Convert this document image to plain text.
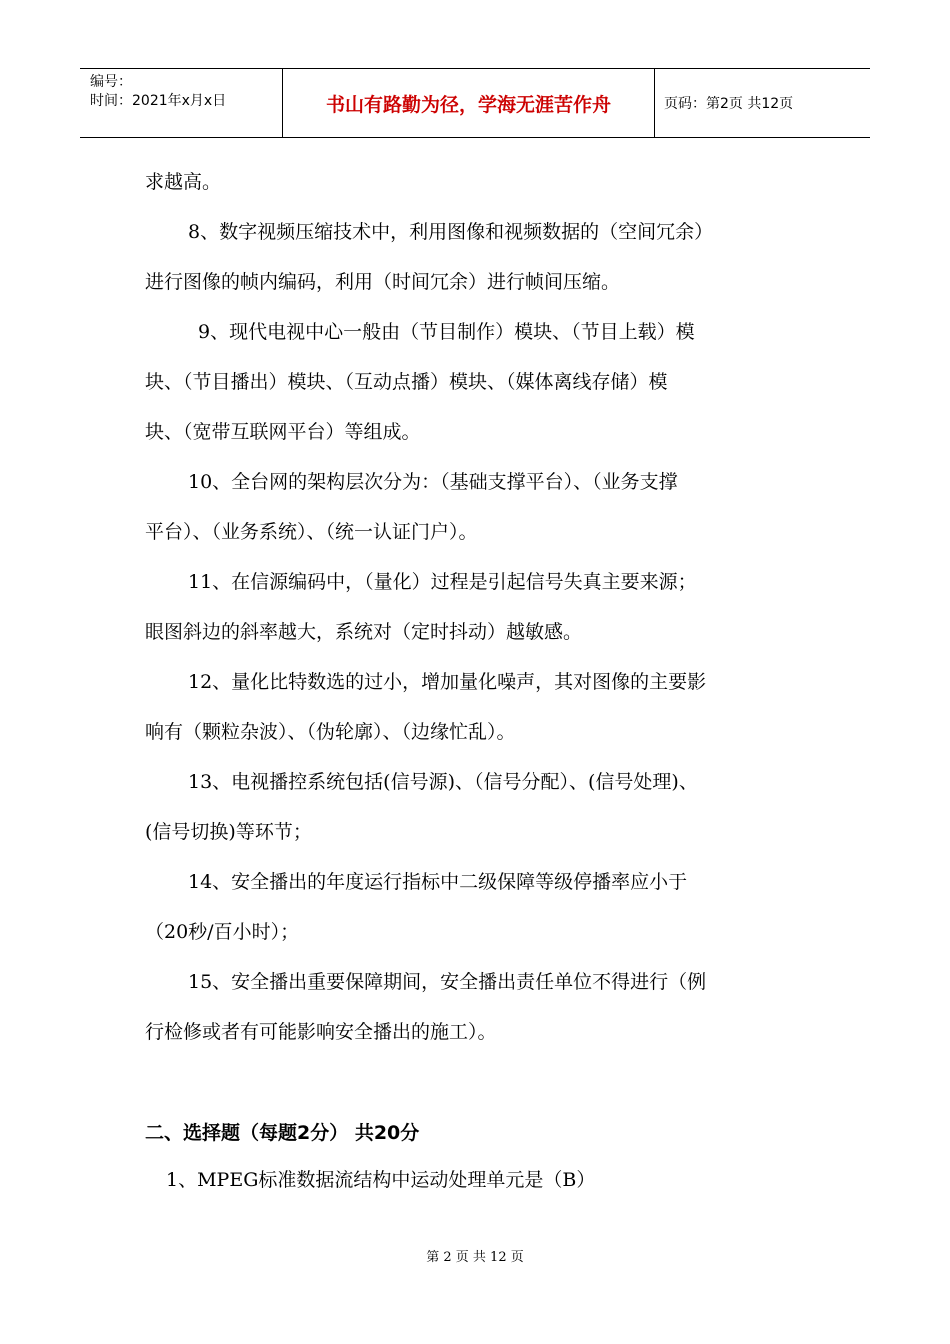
编号：
时间：2021年x月x日	书山有路勤为径，学海无涯苦作舟	页码：第2页 共12页
求越高。
8、数字视频压缩技术中，利用图像和视频数据的（空间冗余）
进行图像的帧内编码，利用（时间冗余）进行帧间压缩。
9、现代电视中心一般由（节目制作）模块、（节目上载）模
块、（节目播出）模块、（互动点播）模块、（媒体离线存储）模
块、（宽带互联网平台）等组成。
10、全台网的架构层次分为：（基础支撑平台）、（业务支撑
平台）、（业务系统）、（统一认证门户）。
11、在信源编码中，（量化）过程是引起信号失真主要来源；
眼图斜边的斜率越大，系统对（定时抖动）越敏感。
12、量化比特数选的过小，增加量化噪声，其对图像的主要影
响有（颗粒杂波）、（伪轮廓）、（边缘忙乱）。
13、电视播控系统包括(信号源)、（信号分配）、(信号处理)、
(信号切换)等环节；
14、安全播出的年度运行指标中二级保障等级停播率应小于
（20秒/百小时）；
15、安全播出重要保障期间，安全播出责任单位不得进行（例
行检修或者有可能影响安全播出的施工）。
二、选择题（每题2分） 共20分
1、MPEG标准数据流结构中运动处理单元是（B）
第 2 页 共 12 页
